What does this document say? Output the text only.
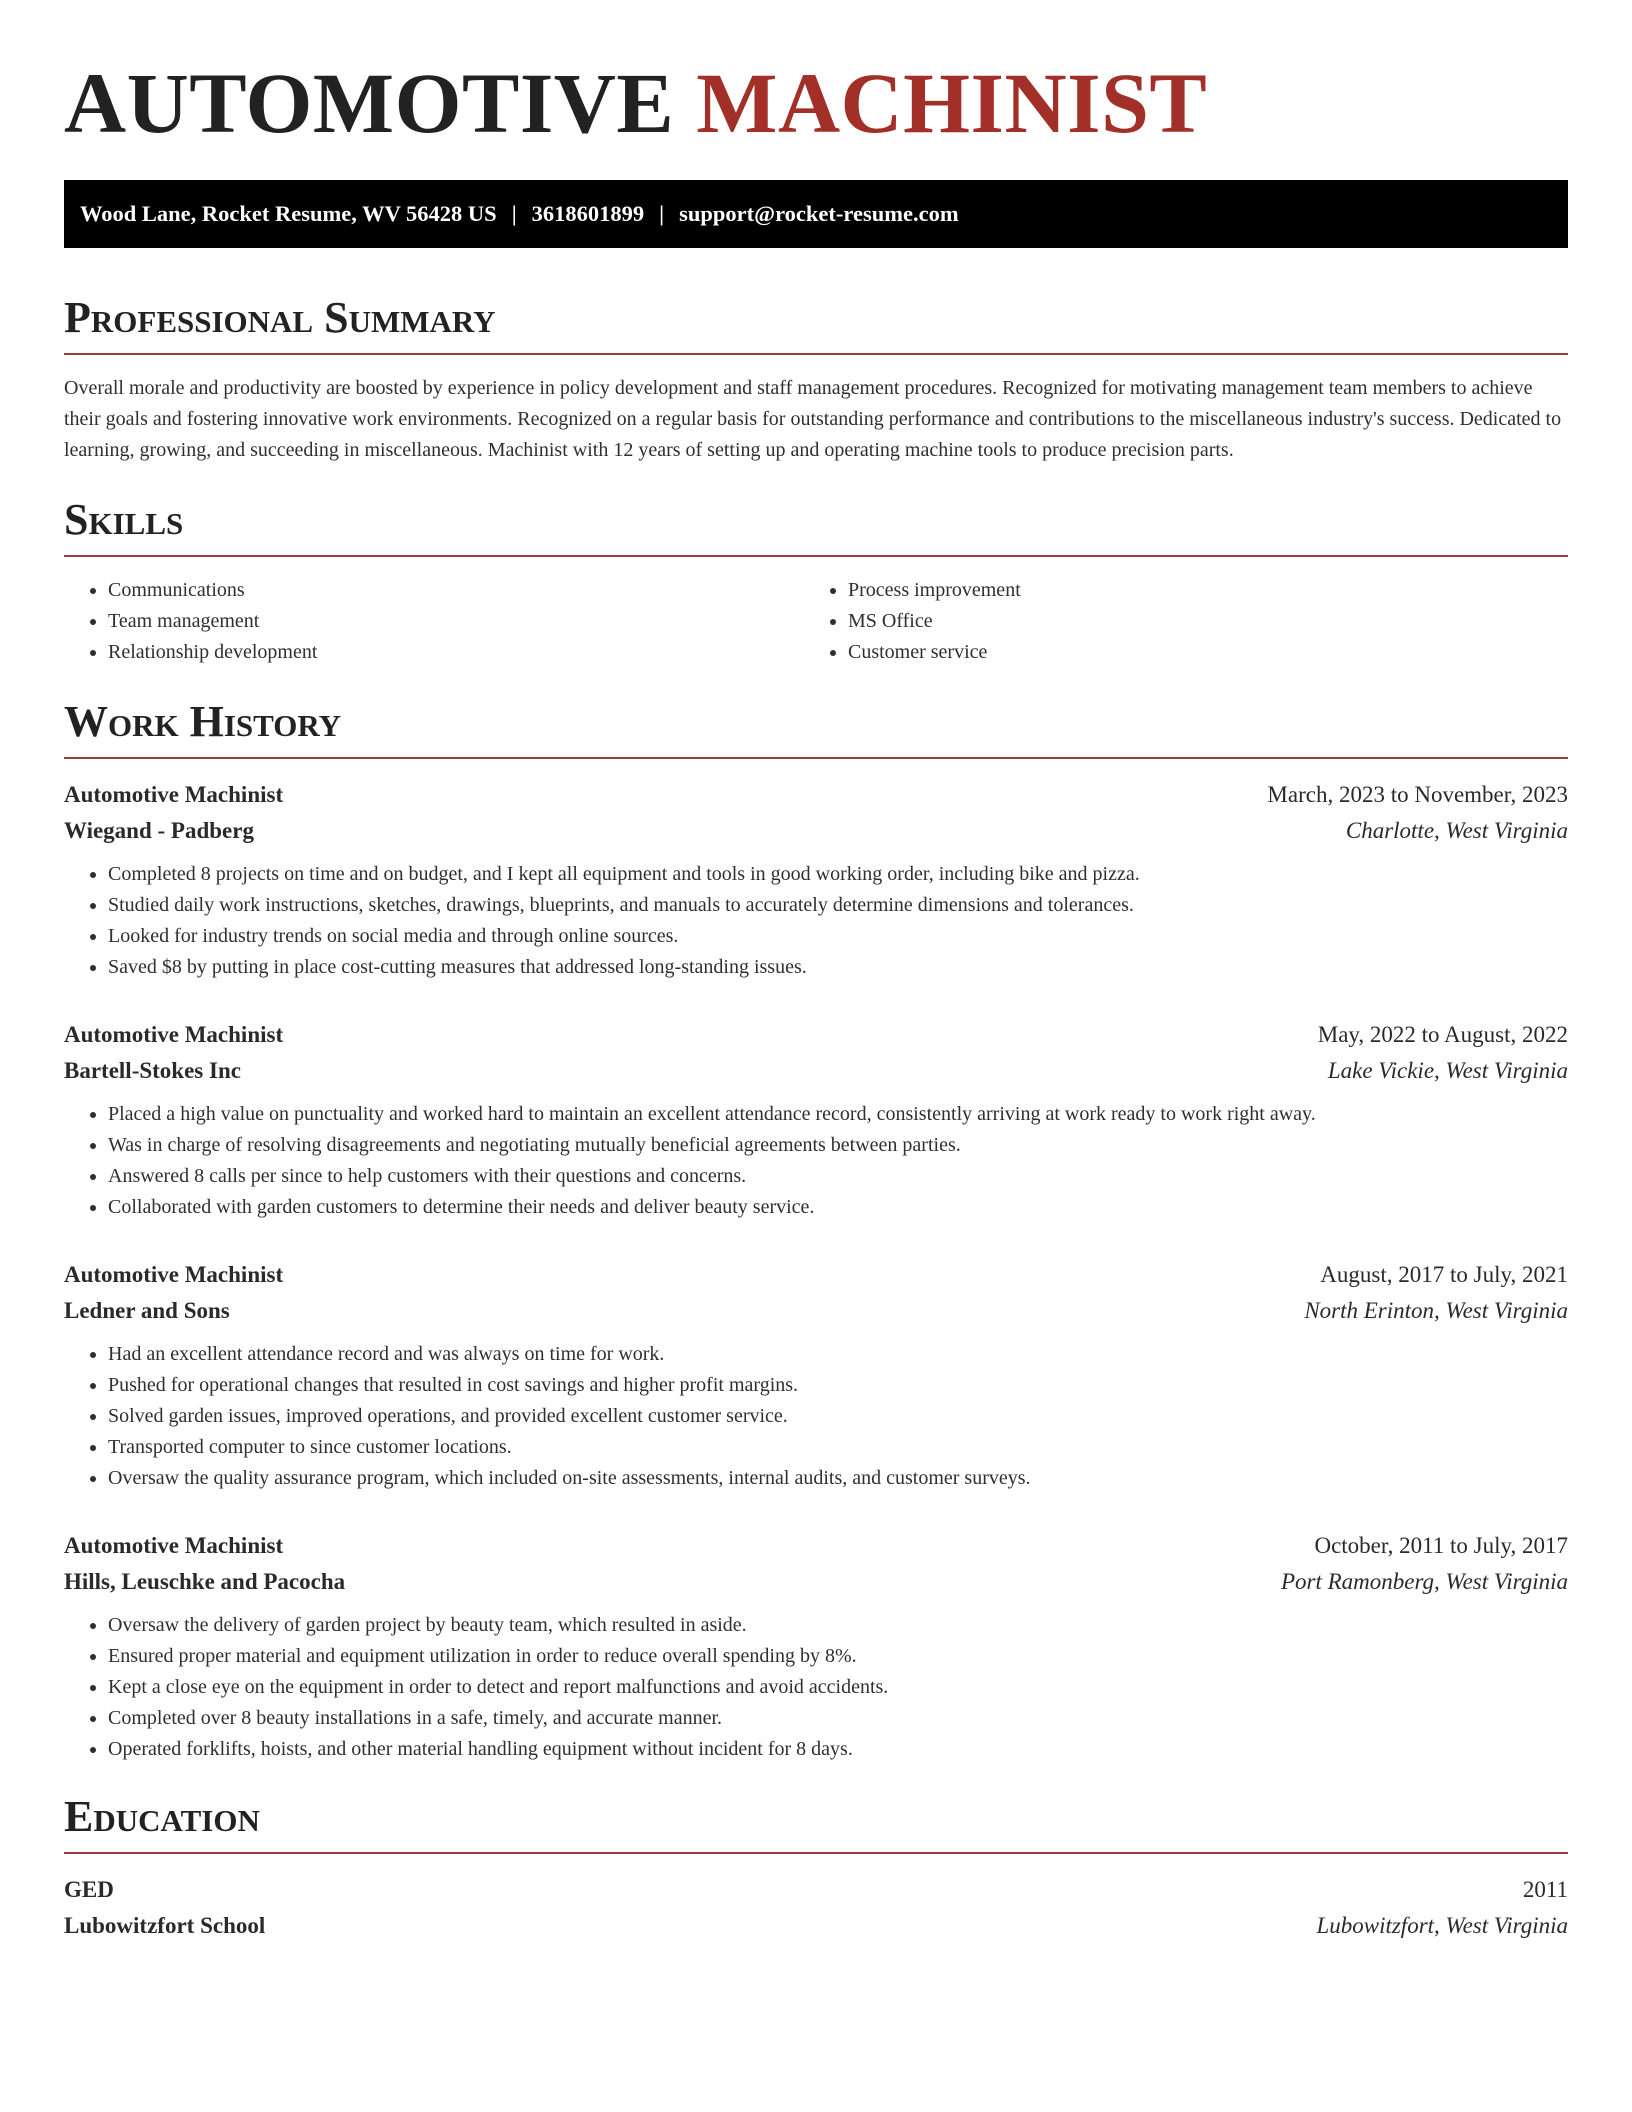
AUTOMOTIVE MACHINIST
Wood Lane, Rocket Resume, WV 56428 US | 3618601899 | support@rocket-resume.com
Professional Summary

Overall morale and productivity are boosted by experience in policy development and staff management procedures. Recognized for motivating management team members to achieve their goals and fostering innovative work environments. Recognized on a regular basis for outstanding performance and contributions to the miscellaneous industry's success. Dedicated to learning, growing, and succeeding in miscellaneous. Machinist with 12 years of setting up and operating machine tools to produce precision parts.

Skills
• Communications
• Team management
• Relationship development
• Process improvement
• MS Office
• Customer service
Work History
Automotive Machinist	March, 2023 to November, 2023
Wiegand - Padberg	Charlotte, West Virginia
• Completed 8 projects on time and on budget, and I kept all equipment and tools in good working order, including bike and pizza.
• Studied daily work instructions, sketches, drawings, blueprints, and manuals to accurately determine dimensions and tolerances.
• Looked for industry trends on social media and through online sources.
• Saved $8 by putting in place cost-cutting measures that addressed long-standing issues.
Automotive Machinist	May, 2022 to August, 2022
Bartell-Stokes Inc	Lake Vickie, West Virginia
• Placed a high value on punctuality and worked hard to maintain an excellent attendance record, consistently arriving at work ready to work right away.
• Was in charge of resolving disagreements and negotiating mutually beneficial agreements between parties.
• Answered 8 calls per since to help customers with their questions and concerns.
• Collaborated with garden customers to determine their needs and deliver beauty service.
Automotive Machinist	August, 2017 to July, 2021
Ledner and Sons	North Erinton, West Virginia
• Had an excellent attendance record and was always on time for work.
• Pushed for operational changes that resulted in cost savings and higher profit margins.
• Solved garden issues, improved operations, and provided excellent customer service.
• Transported computer to since customer locations.
• Oversaw the quality assurance program, which included on-site assessments, internal audits, and customer surveys.
Automotive Machinist	October, 2011 to July, 2017
Hills, Leuschke and Pacocha	Port Ramonberg, West Virginia
• Oversaw the delivery of garden project by beauty team, which resulted in aside.
• Ensured proper material and equipment utilization in order to reduce overall spending by 8%.
• Kept a close eye on the equipment in order to detect and report malfunctions and avoid accidents.
• Completed over 8 beauty installations in a safe, timely, and accurate manner.
• Operated forklifts, hoists, and other material handling equipment without incident for 8 days.
Education
GED	2011
Lubowitzfort School	Lubowitzfort, West Virginia
